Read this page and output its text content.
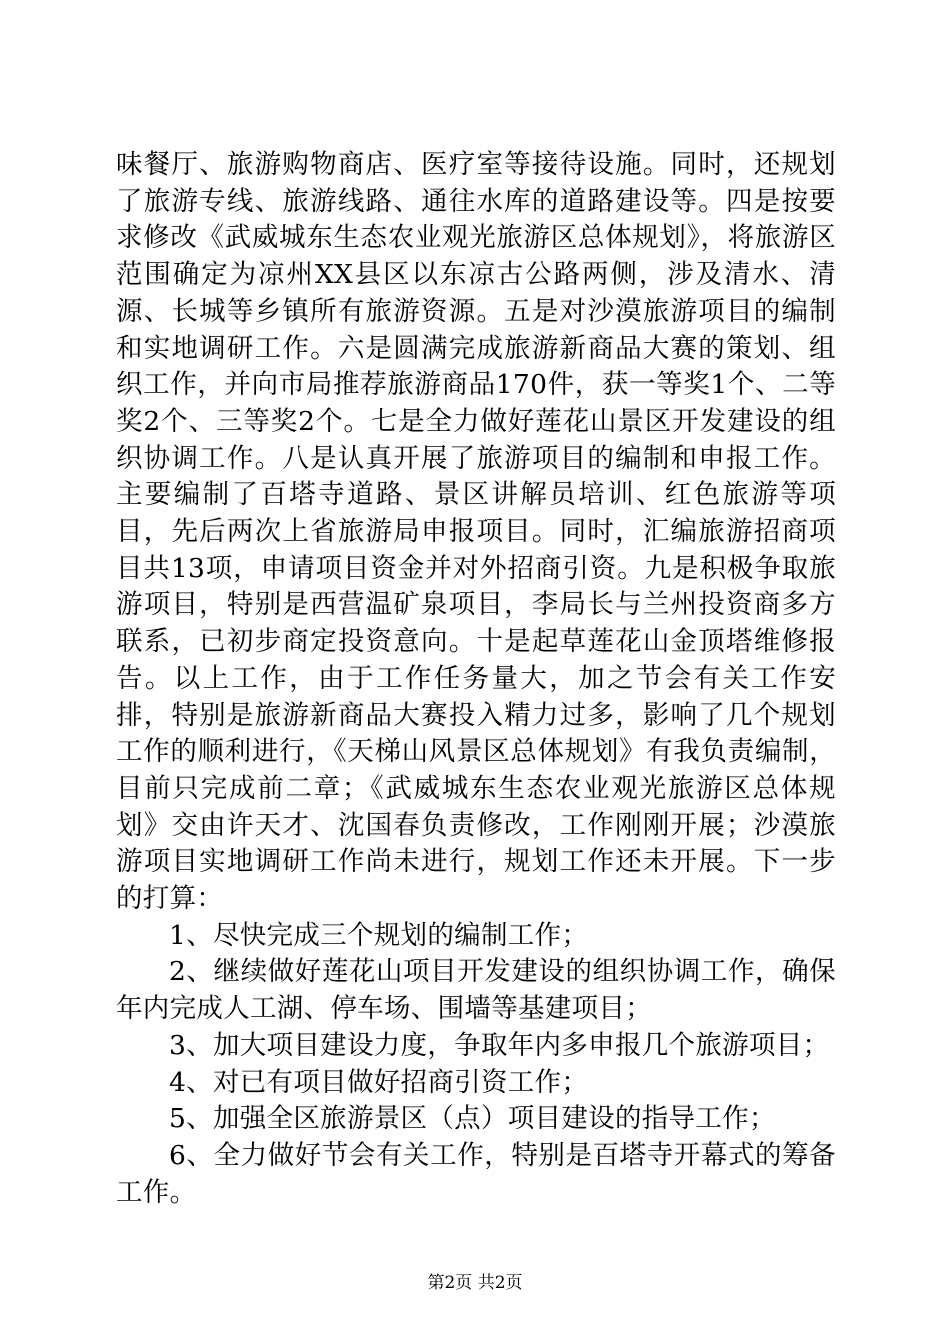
味餐厅、旅游购物商店、医疗室等接待设施。同时，还规划了旅游专线、旅游线路、通往水库的道路建设等。四是按要求修改《武威城东生态农业观光旅游区总体规划》，将旅游区范围确定为凉州XX县区以东凉古公路两侧，涉及清水、清源、长城等乡镇所有旅游资源。五是对沙漠旅游项目的编制和实地调研工作。六是圆满完成旅游新商品大赛的策划、组织工作，并向市局推荐旅游商品170件，获一等奖1个、二等奖2个、三等奖2个。七是全力做好莲花山景区开发建设的组织协调工作。八是认真开展了旅游项目的编制和申报工作。主要编制了百塔寺道路、景区讲解员培训、红色旅游等项目，先后两次上省旅游局申报项目。同时，汇编旅游招商项目共13项，申请项目资金并对外招商引资。九是积极争取旅游项目，特别是西营温矿泉项目，李局长与兰州投资商多方联系，已初步商定投资意向。十是起草莲花山金顶塔维修报告。以上工作，由于工作任务量大，加之节会有关工作安排，特别是旅游新商品大赛投入精力过多，影响了几个规划工作的顺利进行，《天梯山风景区总体规划》有我负责编制，目前只完成前二章；《武威城东生态农业观光旅游区总体规划》交由许天才、沈国春负责修改，工作刚刚开展；沙漠旅游项目实地调研工作尚未进行，规划工作还未开展。下一步的打算：

1、尽快完成三个规划的编制工作；

2、继续做好莲花山项目开发建设的组织协调工作，确保年内完成人工湖、停车场、围墙等基建项目；

3、加大项目建设力度，争取年内多申报几个旅游项目；

4、对已有项目做好招商引资工作；

5、加强全区旅游景区（点）项目建设的指导工作；

6、全力做好节会有关工作，特别是百塔寺开幕式的筹备工作。

第2页 共2页
